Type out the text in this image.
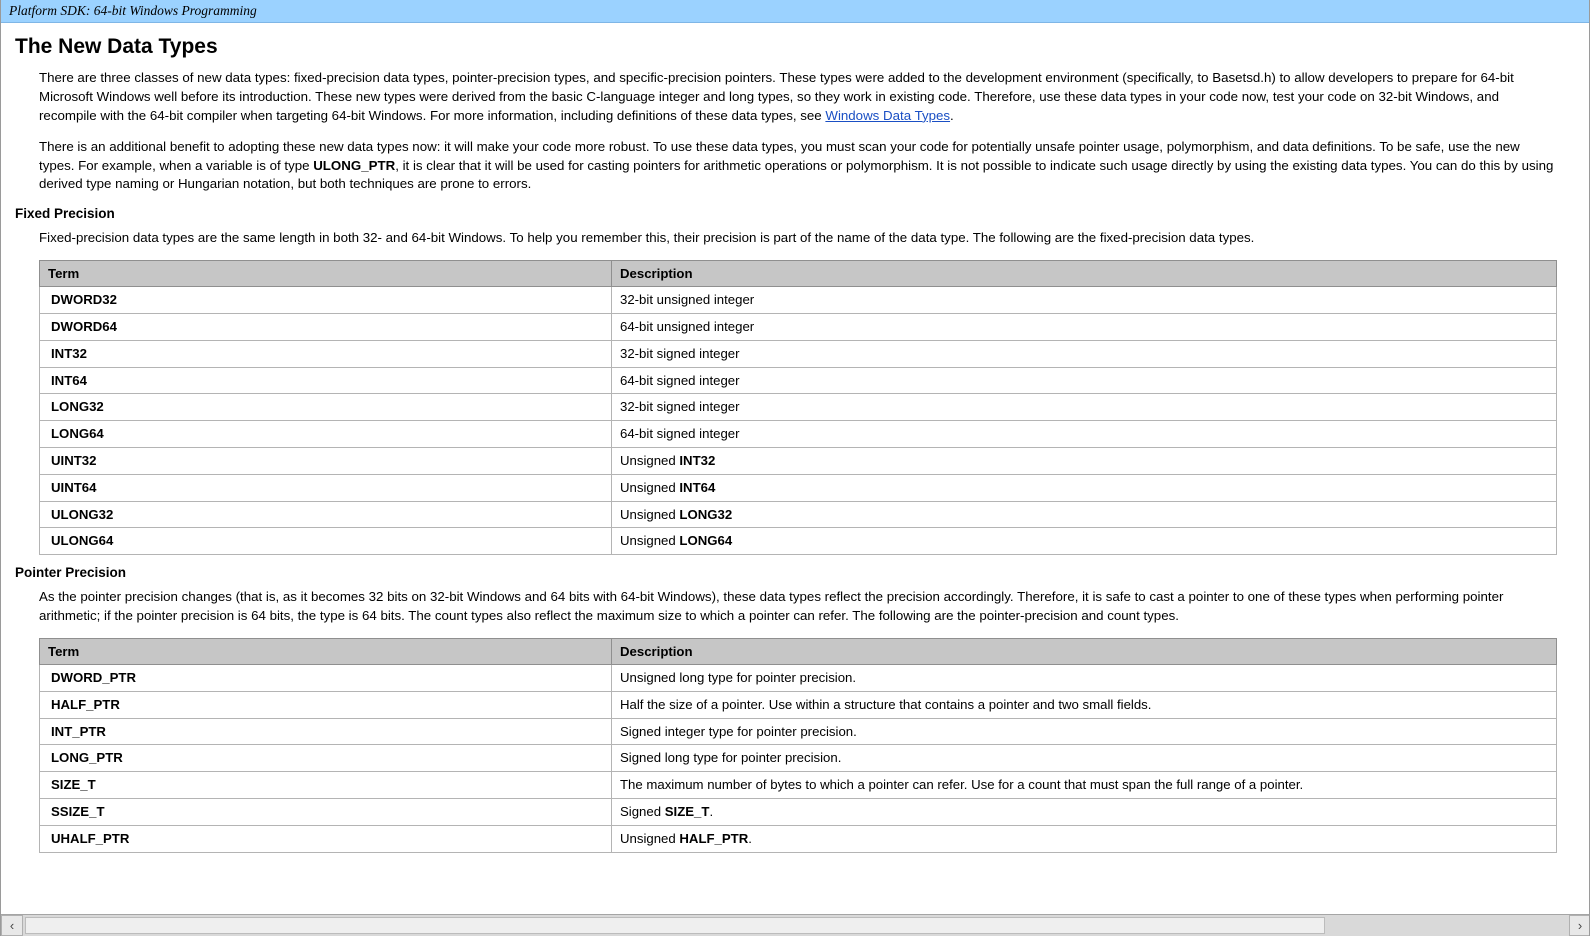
Platform SDK: 64-bit Windows Programming
The New Data Types

There are three classes of new data types: fixed-precision data types, pointer-precision types, and specific-precision pointers. These types were added to the development environment (specifically, to Basetsd.h) to allow developers to prepare for 64-bit Microsoft Windows well before its introduction. These new types were derived from the basic C-language integer and long types, so they work in existing code. Therefore, use these data types in your code now, test your code on 32-bit Windows, and recompile with the 64-bit compiler when targeting 64-bit Windows. For more information, including definitions of these data types, see Windows Data Types.

There is an additional benefit to adopting these new data types now: it will make your code more robust. To use these data types, you must scan your code for potentially unsafe pointer usage, polymorphism, and data definitions. To be safe, use the new types. For example, when a variable is of type ULONG_PTR, it is clear that it will be used for casting pointers for arithmetic operations or polymorphism. It is not possible to indicate such usage directly by using the existing data types. You can do this by using derived type naming or Hungarian notation, but both techniques are prone to errors.

Fixed Precision

Fixed-precision data types are the same length in both 32- and 64-bit Windows. To help you remember this, their precision is part of the name of the data type. The following are the fixed-precision data types.

Term	Description
DWORD32	32-bit unsigned integer
DWORD64	64-bit unsigned integer
INT32	32-bit signed integer
INT64	64-bit signed integer
LONG32	32-bit signed integer
LONG64	64-bit signed integer
UINT32	Unsigned INT32
UINT64	Unsigned INT64
ULONG32	Unsigned LONG32
ULONG64	Unsigned LONG64
Pointer Precision

As the pointer precision changes (that is, as it becomes 32 bits on 32-bit Windows and 64 bits with 64-bit Windows), these data types reflect the precision accordingly. Therefore, it is safe to cast a pointer to one of these types when performing pointer arithmetic; if the pointer precision is 64 bits, the type is 64 bits. The count types also reflect the maximum size to which a pointer can refer. The following are the pointer-precision and count types.

Term	Description
DWORD_PTR	Unsigned long type for pointer precision.
HALF_PTR	Half the size of a pointer. Use within a structure that contains a pointer and two small fields.
INT_PTR	Signed integer type for pointer precision.
LONG_PTR	Signed long type for pointer precision.
SIZE_T	The maximum number of bytes to which a pointer can refer. Use for a count that must span the full range of a pointer.
SSIZE_T	Signed SIZE_T.
UHALF_PTR	Unsigned HALF_PTR.
‹	›
